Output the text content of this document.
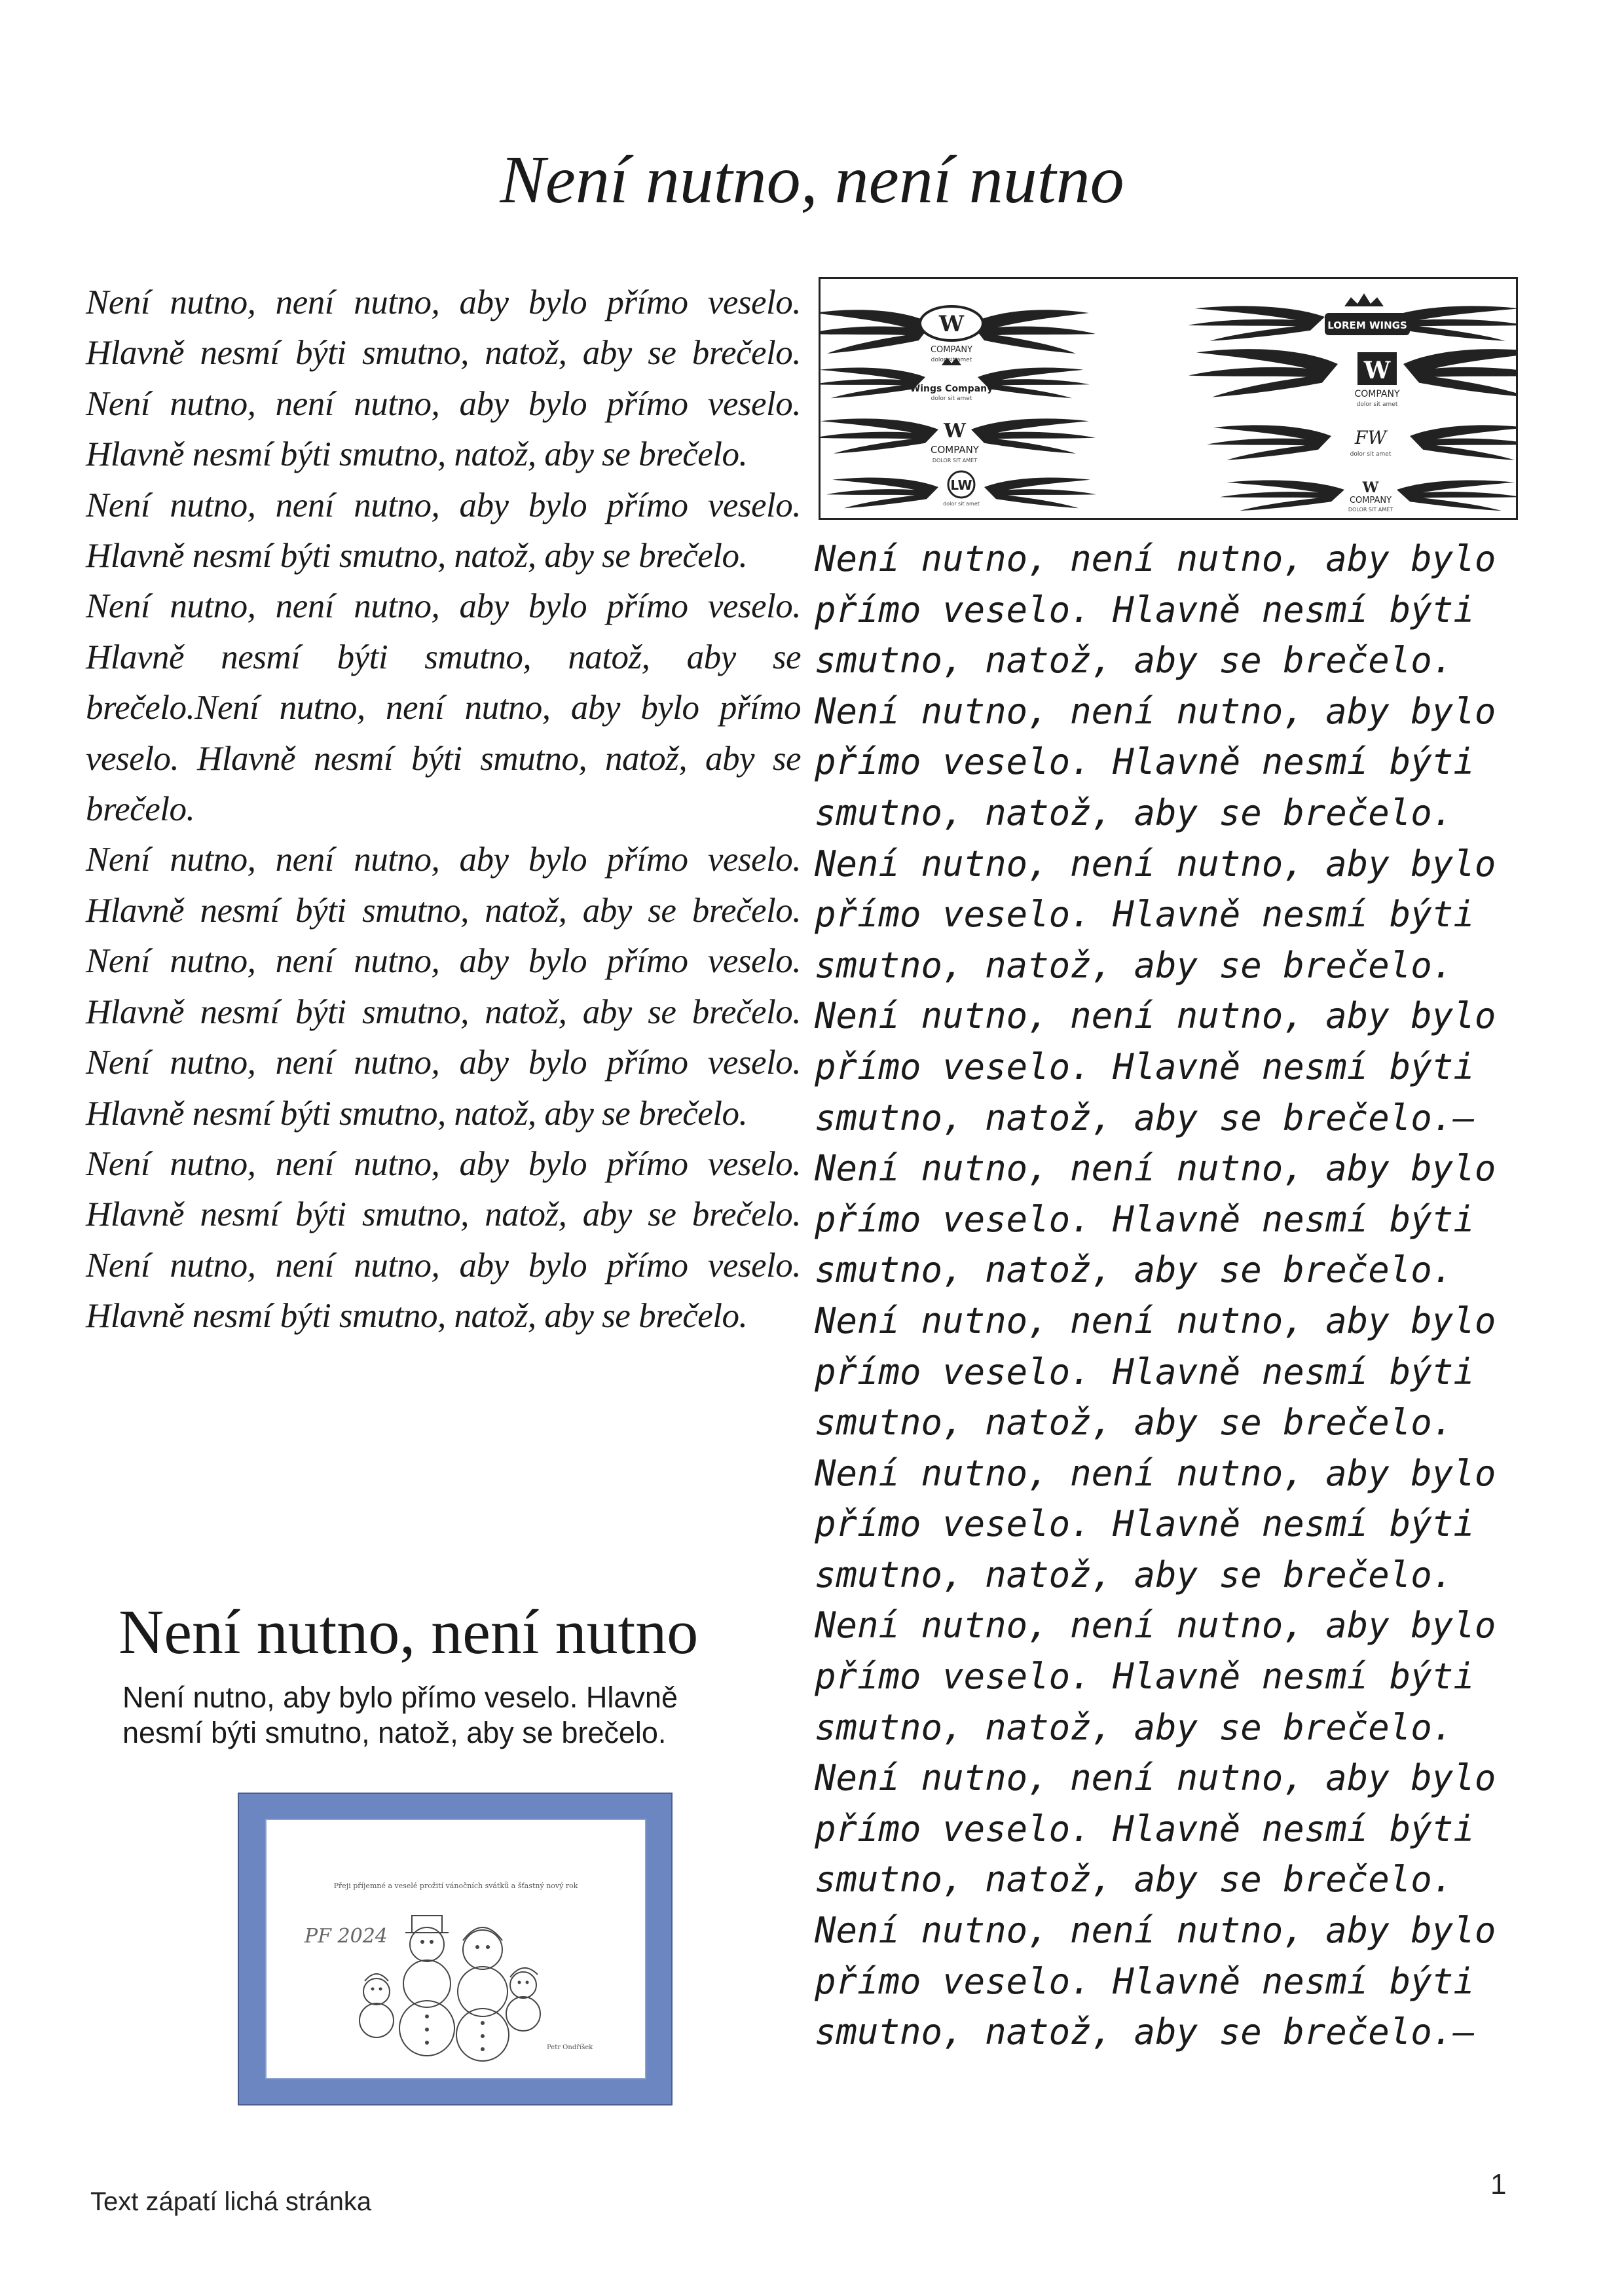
Není nutno, není nutno

Není nutno, není nutno, aby bylo přímo veselo. Hlavně nesmí býti smutno, natož, aby se brečelo. Není nutno, není nutno, aby bylo přímo veselo. Hlavně nesmí býti smutno, natož, aby se brečelo.

Není nutno, není nutno, aby bylo přímo veselo. Hlavně nesmí býti smutno, natož, aby se brečelo.

Není nutno, není nutno, aby bylo přímo veselo. Hlavně nesmí býti smutno, natož, aby se brečelo.Není nutno, není nutno, aby bylo přímo veselo. Hlavně nesmí býti smutno, natož, aby se brečelo.

Není nutno, není nutno, aby bylo přímo veselo. Hlavně nesmí býti smutno, natož, aby se brečelo. Není nutno, není nutno, aby bylo přímo veselo. Hlavně nesmí býti smutno, natož, aby se brečelo. Není nutno, není nutno, aby bylo přímo veselo. Hlavně nesmí býti smutno, natož, aby se brečelo.

Není nutno, není nutno, aby bylo přímo veselo. Hlavně nesmí býti smutno, natož, aby se brečelo. Není nutno, není nutno, aby bylo přímo veselo. Hlavně nesmí býti smutno, natož, aby se brečelo.

W
COMPANY
dolor sit amet
LOREM WINGS
Wings Company
dolor sit amet
W
COMPANY
dolor sit amet
W
COMPANY
DOLOR SIT AMET
FW
dolor sit amet
LW
dolor sit amet
W
COMPANY
DOLOR SIT AMET

Není nutno, není nutno, aby bylo
přímo veselo. Hlavně nesmí býti
smutno, natož, aby se brečelo.

Není nutno, není nutno, aby bylo
přímo veselo. Hlavně nesmí býti
smutno, natož, aby se brečelo.

Není nutno, není nutno, aby bylo
přímo veselo. Hlavně nesmí býti
smutno, natož, aby se brečelo.

Není nutno, není nutno, aby bylo
přímo veselo. Hlavně nesmí býti
smutno, natož, aby se brečelo.–

Není nutno, není nutno, aby bylo
přímo veselo. Hlavně nesmí býti
smutno, natož, aby se brečelo.

Není nutno, není nutno, aby bylo
přímo veselo. Hlavně nesmí býti
smutno, natož, aby se brečelo.

Není nutno, není nutno, aby bylo
přímo veselo. Hlavně nesmí býti
smutno, natož, aby se brečelo.

Není nutno, není nutno, aby bylo
přímo veselo. Hlavně nesmí býti
smutno, natož, aby se brečelo.

Není nutno, není nutno, aby bylo
přímo veselo. Hlavně nesmí býti
smutno, natož, aby se brečelo.

Není nutno, není nutno, aby bylo
přímo veselo. Hlavně nesmí býti
smutno, natož, aby se brečelo.–

Není nutno, není nutno

Není nutno, aby bylo přímo veselo. Hlavně nesmí býti smutno, natož, aby se brečelo.

Přeji příjemné a veselé prožití vánočních svátků a šťastný nový rok
PF 2024
Petr Ondříšek
Text zápatí lichá stránka
1
